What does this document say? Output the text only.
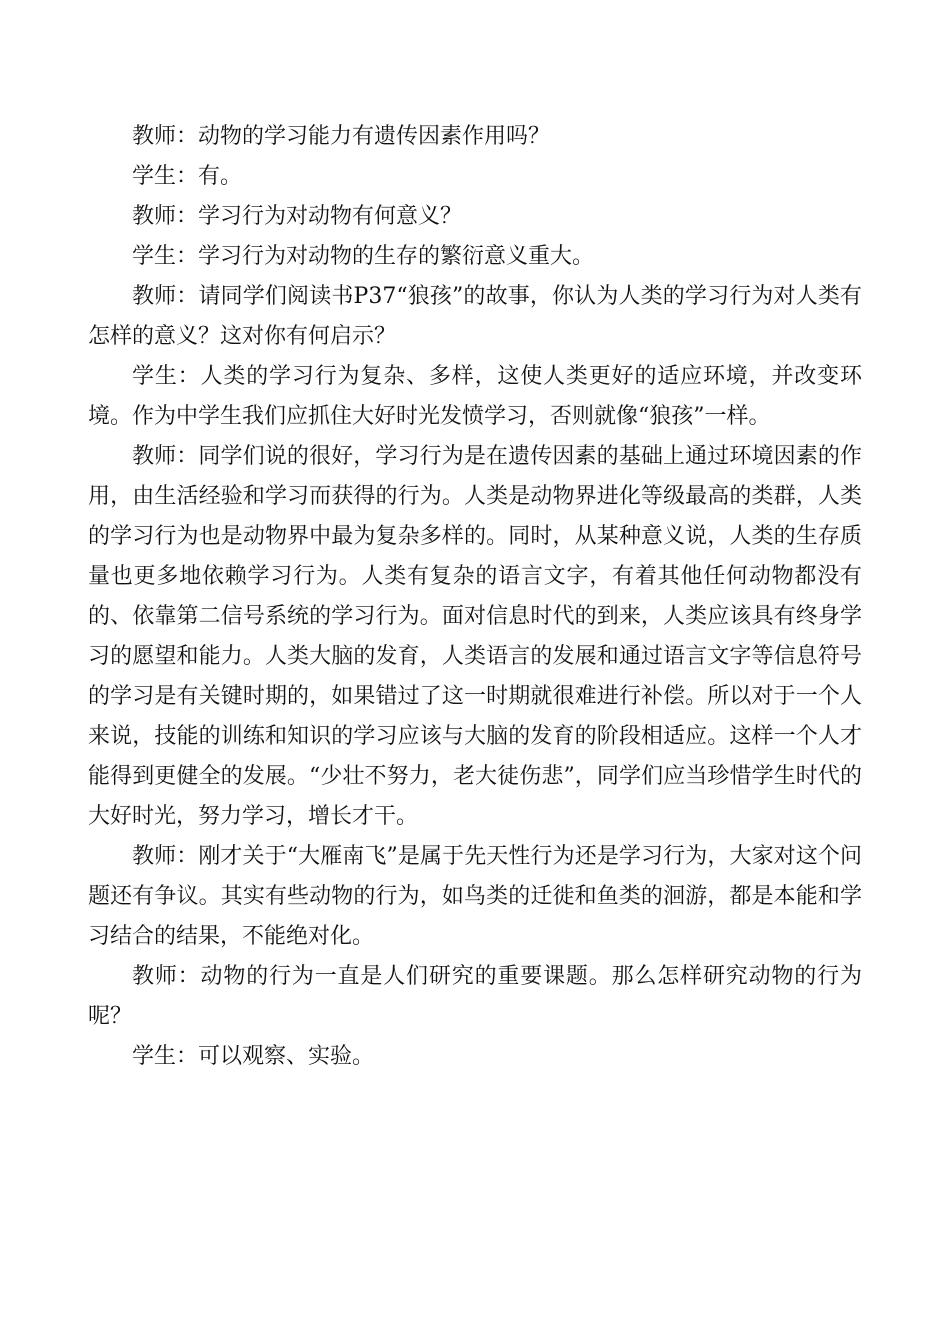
教师：动物的学习能力有遗传因素作用吗？

学生：有。

教师：学习行为对动物有何意义？

学生：学习行为对动物的生存的繁衍意义重大。

教师：请同学们阅读书P37“狼孩”的故事，你认为人类的学习行为对人类有怎样的意义？这对你有何启示？

学生：人类的学习行为复杂、多样，这使人类更好的适应环境，并改变环境。作为中学生我们应抓住大好时光发愤学习，否则就像“狼孩”一样。

教师：同学们说的很好，学习行为是在遗传因素的基础上通过环境因素的作用，由生活经验和学习而获得的行为。人类是动物界进化等级最高的类群，人类的学习行为也是动物界中最为复杂多样的。同时，从某种意义说，人类的生存质量也更多地依赖学习行为。人类有复杂的语言文字，有着其他任何动物都没有的、依靠第二信号系统的学习行为。面对信息时代的到来，人类应该具有终身学习的愿望和能力。人类大脑的发育，人类语言的发展和通过语言文字等信息符号的学习是有关键时期的，如果错过了这一时期就很难进行补偿。所以对于一个人来说，技能的训练和知识的学习应该与大脑的发育的阶段相适应。这样一个人才能得到更健全的发展。“少壮不努力，老大徒伤悲”，同学们应当珍惜学生时代的大好时光，努力学习，增长才干。

教师：刚才关于“大雁南飞”是属于先天性行为还是学习行为，大家对这个问题还有争议。其实有些动物的行为，如鸟类的迁徙和鱼类的洄游，都是本能和学习结合的结果，不能绝对化。

教师：动物的行为一直是人们研究的重要课题。那么怎样研究动物的行为呢？

学生：可以观察、实验。
